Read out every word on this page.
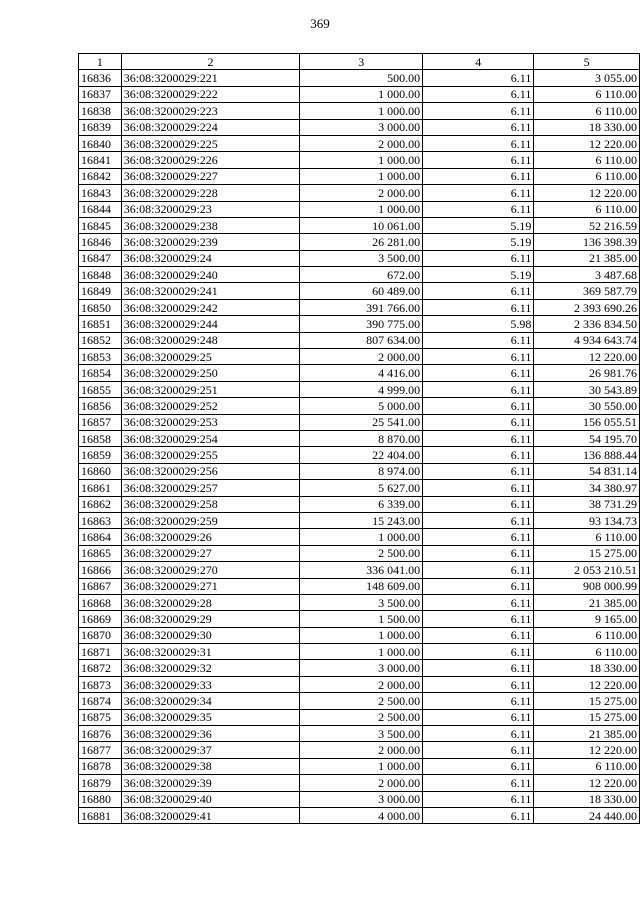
369
1	2	3	4	5
16836	36:08:3200029:221	500.00	6.11	3 055.00
16837	36:08:3200029:222	1 000.00	6.11	6 110.00
16838	36:08:3200029:223	1 000.00	6.11	6 110.00
16839	36:08:3200029:224	3 000.00	6.11	18 330.00
16840	36:08:3200029:225	2 000.00	6.11	12 220.00
16841	36:08:3200029:226	1 000.00	6.11	6 110.00
16842	36:08:3200029:227	1 000.00	6.11	6 110.00
16843	36:08:3200029:228	2 000.00	6.11	12 220.00
16844	36:08:3200029:23	1 000.00	6.11	6 110.00
16845	36:08:3200029:238	10 061.00	5.19	52 216.59
16846	36:08:3200029:239	26 281.00	5.19	136 398.39
16847	36:08:3200029:24	3 500.00	6.11	21 385.00
16848	36:08:3200029:240	672.00	5.19	3 487.68
16849	36:08:3200029:241	60 489.00	6.11	369 587.79
16850	36:08:3200029:242	391 766.00	6.11	2 393 690.26
16851	36:08:3200029:244	390 775.00	5.98	2 336 834.50
16852	36:08:3200029:248	807 634.00	6.11	4 934 643.74
16853	36:08:3200029:25	2 000.00	6.11	12 220.00
16854	36:08:3200029:250	4 416.00	6.11	26 981.76
16855	36:08:3200029:251	4 999.00	6.11	30 543.89
16856	36:08:3200029:252	5 000.00	6.11	30 550.00
16857	36:08:3200029:253	25 541.00	6.11	156 055.51
16858	36:08:3200029:254	8 870.00	6.11	54 195.70
16859	36:08:3200029:255	22 404.00	6.11	136 888.44
16860	36:08:3200029:256	8 974.00	6.11	54 831.14
16861	36:08:3200029:257	5 627.00	6.11	34 380.97
16862	36:08:3200029:258	6 339.00	6.11	38 731.29
16863	36:08:3200029:259	15 243.00	6.11	93 134.73
16864	36:08:3200029:26	1 000.00	6.11	6 110.00
16865	36:08:3200029:27	2 500.00	6.11	15 275.00
16866	36:08:3200029:270	336 041.00	6.11	2 053 210.51
16867	36:08:3200029:271	148 609.00	6.11	908 000.99
16868	36:08:3200029:28	3 500.00	6.11	21 385.00
16869	36:08:3200029:29	1 500.00	6.11	9 165.00
16870	36:08:3200029:30	1 000.00	6.11	6 110.00
16871	36:08:3200029:31	1 000.00	6.11	6 110.00
16872	36:08:3200029:32	3 000.00	6.11	18 330.00
16873	36:08:3200029:33	2 000.00	6.11	12 220.00
16874	36:08:3200029:34	2 500.00	6.11	15 275.00
16875	36:08:3200029:35	2 500.00	6.11	15 275.00
16876	36:08:3200029:36	3 500.00	6.11	21 385.00
16877	36:08:3200029:37	2 000.00	6.11	12 220.00
16878	36:08:3200029:38	1 000.00	6.11	6 110.00
16879	36:08:3200029:39	2 000.00	6.11	12 220.00
16880	36:08:3200029:40	3 000.00	6.11	18 330.00
16881	36:08:3200029:41	4 000.00	6.11	24 440.00
